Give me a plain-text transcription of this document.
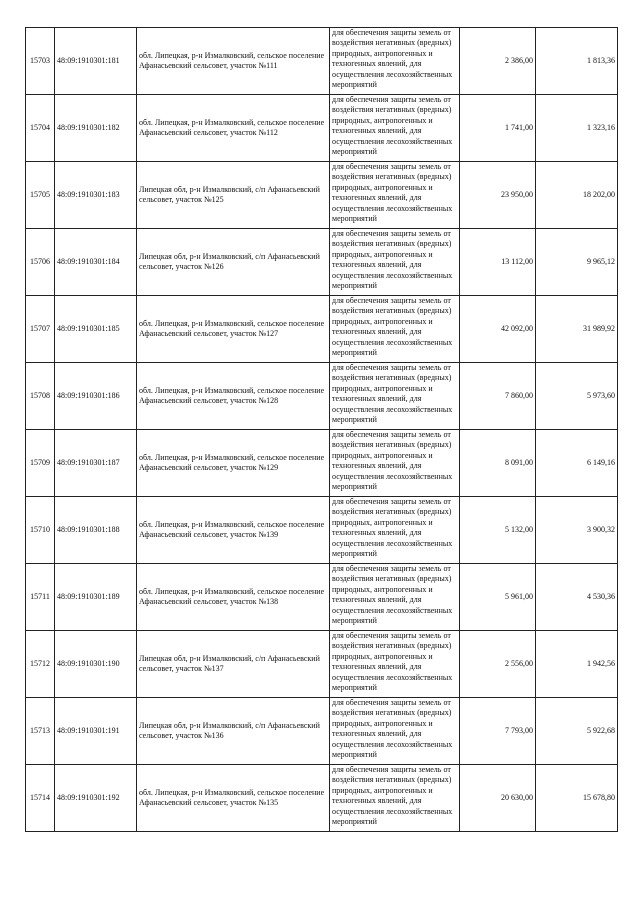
15703	48:09:1910301:181	обл. Липецкая, р-н Измалковский, сельское поселение Афанасьевский сельсовет, участок №111	для обеспечения защиты земель от воздействия негативных (вредных) природных, антропогенных и техногенных явлений, для осуществления лесохозяйственных мероприятий	2 386,00	1 813,36
15704	48:09:1910301:182	обл. Липецкая, р-н Измалковский, сельское поселение Афанасьевский сельсовет, участок №112	для обеспечения защиты земель от воздействия негативных (вредных) природных, антропогенных и техногенных явлений, для осуществления лесохозяйственных мероприятий	1 741,00	1 323,16
15705	48:09:1910301:183	Липецкая обл, р-н Измалковский, с/п Афанасьевский сельсовет, участок №125	для обеспечения защиты земель от воздействия негативных (вредных) природных, антропогенных и техногенных явлений, для осуществления лесохозяйственных мероприятий	23 950,00	18 202,00
15706	48:09:1910301:184	Липецкая обл, р-н Измалковский, с/п Афанасьевский сельсовет, участок №126	для обеспечения защиты земель от воздействия негативных (вредных) природных, антропогенных и техногенных явлений, для осуществления лесохозяйственных мероприятий	13 112,00	9 965,12
15707	48:09:1910301:185	обл. Липецкая, р-н Измалковский, сельское поселение Афанасьевский сельсовет, участок №127	для обеспечения защиты земель от воздействия негативных (вредных) природных, антропогенных и техногенных явлений, для осуществления лесохозяйственных мероприятий	42 092,00	31 989,92
15708	48:09:1910301:186	обл. Липецкая, р-н Измалковский, сельское поселение Афанасьевский сельсовет, участок №128	для обеспечения защиты земель от воздействия негативных (вредных) природных, антропогенных и техногенных явлений, для осуществления лесохозяйственных мероприятий	7 860,00	5 973,60
15709	48:09:1910301:187	обл. Липецкая, р-н Измалковский, сельское поселение Афанасьевский сельсовет, участок №129	для обеспечения защиты земель от воздействия негативных (вредных) природных, антропогенных и техногенных явлений, для осуществления лесохозяйственных мероприятий	8 091,00	6 149,16
15710	48:09:1910301:188	обл. Липецкая, р-н Измалковский, сельское поселение Афанасьевский сельсовет, участок №139	для обеспечения защиты земель от воздействия негативных (вредных) природных, антропогенных и техногенных явлений, для осуществления лесохозяйственных мероприятий	5 132,00	3 900,32
15711	48:09:1910301:189	обл. Липецкая, р-н Измалковский, сельское поселение Афанасьевский сельсовет, участок №138	для обеспечения защиты земель от воздействия негативных (вредных) природных, антропогенных и техногенных явлений, для осуществления лесохозяйственных мероприятий	5 961,00	4 530,36
15712	48:09:1910301:190	Липецкая обл, р-н Измалковский, с/п Афанасьевский сельсовет, участок №137	для обеспечения защиты земель от воздействия негативных (вредных) природных, антропогенных и техногенных явлений, для осуществления лесохозяйственных мероприятий	2 556,00	1 942,56
15713	48:09:1910301:191	Липецкая обл, р-н Измалковский, с/п Афанасьевский сельсовет, участок №136	для обеспечения защиты земель от воздействия негативных (вредных) природных, антропогенных и техногенных явлений, для осуществления лесохозяйственных мероприятий	7 793,00	5 922,68
15714	48:09:1910301:192	обл. Липецкая, р-н Измалковский, сельское поселение Афанасьевский сельсовет, участок №135	для обеспечения защиты земель от воздействия негативных (вредных) природных, антропогенных и техногенных явлений, для осуществления лесохозяйственных мероприятий	20 630,00	15 678,80
